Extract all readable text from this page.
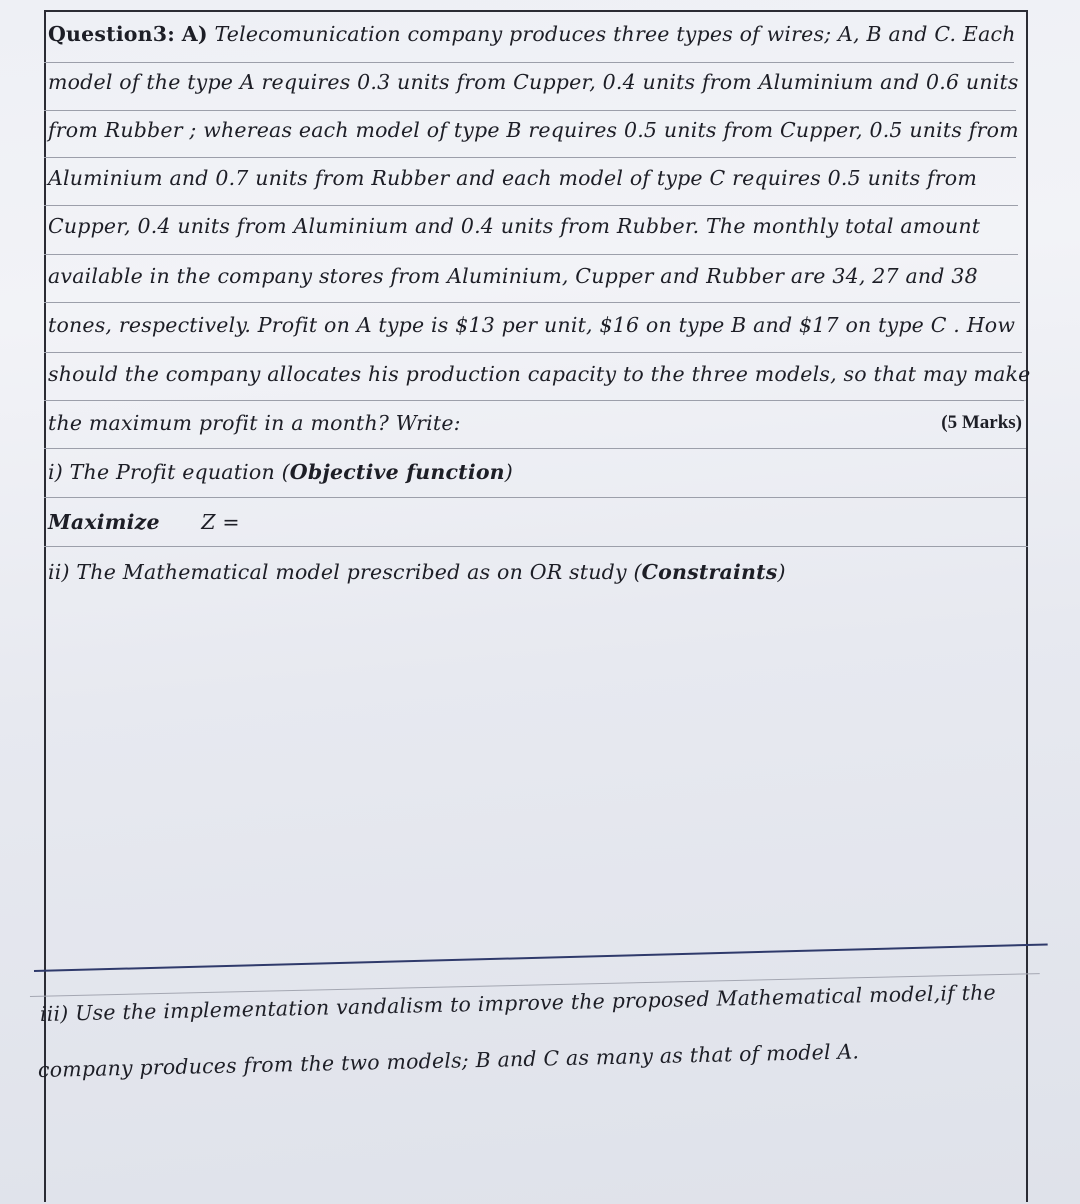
Question3: A) Telecomunication company produces three types of wires; A, B and C. Each
model of the type A requires 0.3 units from Cupper, 0.4 units from Aluminium and 0.6 units
from Rubber ; whereas each model of type B requires 0.5 units from Cupper, 0.5 units from
Aluminium and 0.7 units from Rubber and each model of type C requires 0.5 units from
Cupper, 0.4 units from Aluminium and 0.4 units from Rubber. The monthly total amount
available in the company stores from Aluminium, Cupper and Rubber are 34, 27 and 38
tones, respectively. Profit on A type is $13 per unit, $16 on type B and $17 on type C . How
should the company allocates his production capacity to the three models, so that may make
the maximum profit in a month? Write:	(5 Marks)
i) The Profit equation (Objective function)
Maximize Z =
ii) The Mathematical model prescribed as on OR study (Constraints)
iii) Use the implementation vandalism to improve the proposed Mathematical model,if the
company produces from the two models; B and C as many as that of model A.
